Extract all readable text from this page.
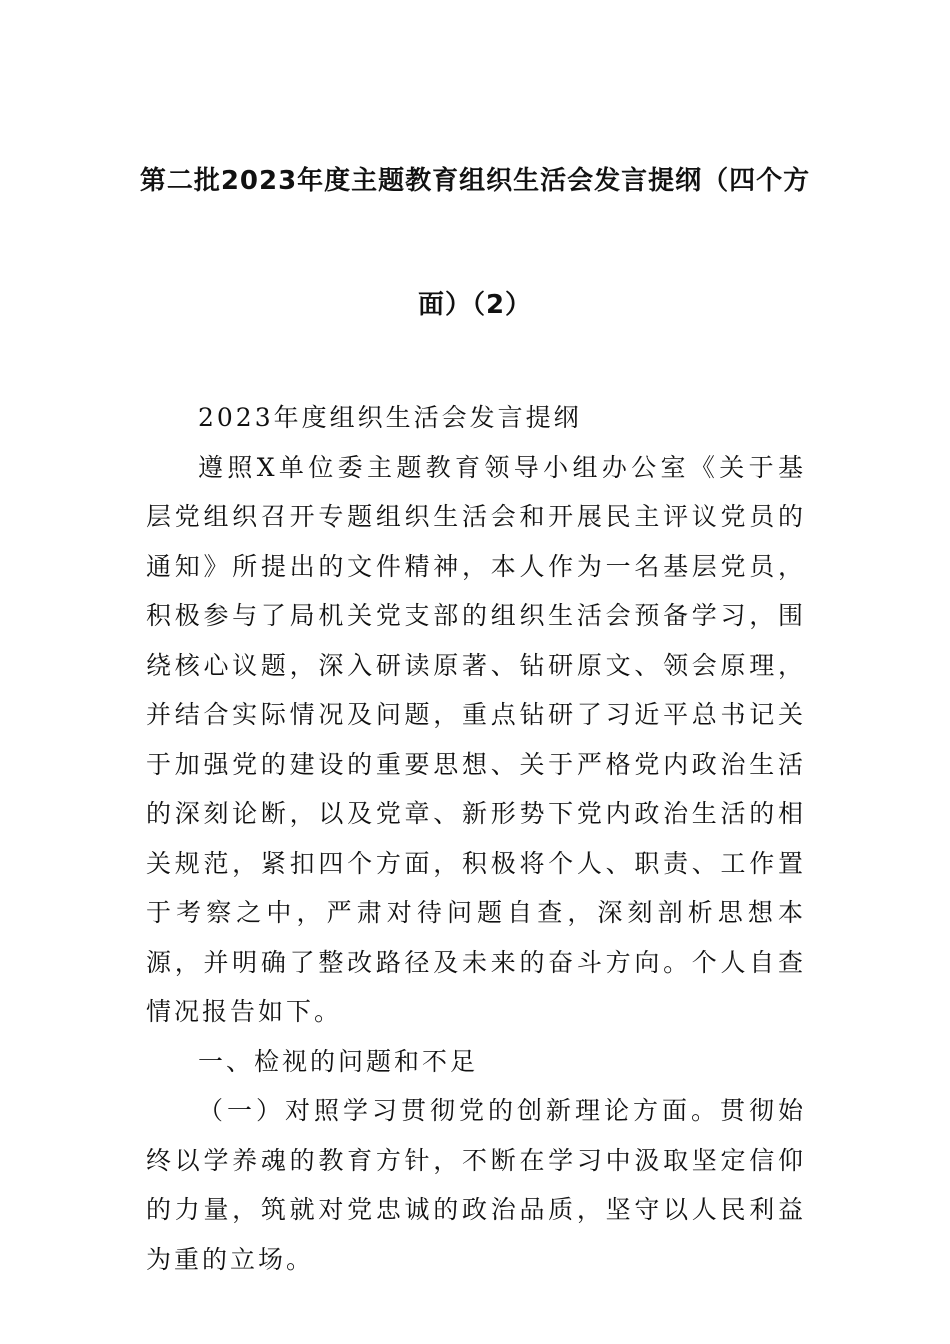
第二批2023年度主题教育组织生活会发言提纲（四个方
面）（2）

2023年度组织生活会发言提纲

遵照X单位委主题教育领导小组办公室《关于基层党组织召开专题组织生活会和开展民主评议党员的通知》所提出的文件精神，本人作为一名基层党员，积极参与了局机关党支部的组织生活会预备学习，围绕核心议题，深入研读原著、钻研原文、领会原理，并结合实际情况及问题，重点钻研了习近平总书记关于加强党的建设的重要思想、关于严格党内政治生活的深刻论断，以及党章、新形势下党内政治生活的相关规范，紧扣四个方面，积极将个人、职责、工作置于考察之中，严肃对待问题自查，深刻剖析思想本源，并明确了整改路径及未来的奋斗方向。个人自查情况报告如下。

一、检视的问题和不足

（一）对照学习贯彻党的创新理论方面。贯彻始终以学养魂的教育方针，不断在学习中汲取坚定信仰的力量，筑就对党忠诚的政治品质，坚守以人民利益为重的立场。
